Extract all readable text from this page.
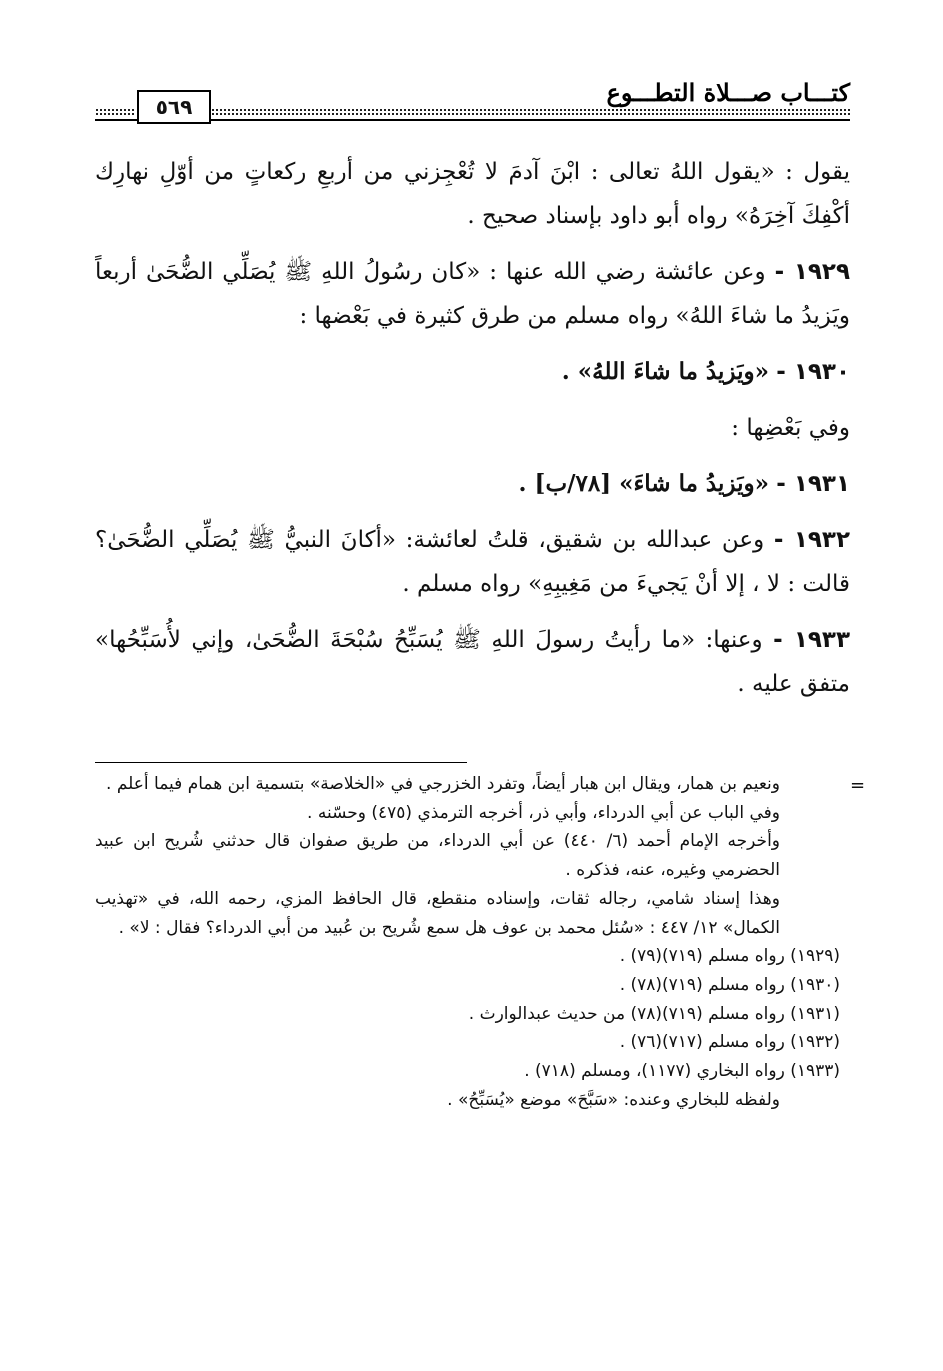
كتـــاب صـــلاة التطـــوع
٥٦٩

يقول : «يقول اللهُ تعالى : ابْنَ آدمَ لا تُعْجِزني من أربعِ ركعاتٍ من أوّلِ نهارِك أكْفِكَ آخِرَهُ» رواه أبو داود بإسناد صحيح .

١٩٢٩ - وعن عائشة رضي الله عنها : «كان رسُولُ اللهِ ﷺ يُصَلِّي الضُّحَىٰ أربعاً ويَزيدُ ما شاءَ اللهُ» رواه مسلم من طرق كثيرة في بَعْضها :

١٩٣٠ - «ويَزيدُ ما شاءَ اللهُ» .

وفي بَعْضِها :

١٩٣١ - «ويَزيدُ ما شاءَ» [٧٨/ب] .

١٩٣٢ - وعن عبدالله بن شقيق، قلتُ لعائشة: «أكانَ النبيُّ ﷺ يُصَلِّي الضُّحَىٰ؟ قالت : لا ، إلا أنْ يَجيءَ من مَغِيبِهِ» رواه مسلم .

١٩٣٣ - وعنها: «ما رأيتُ رسولَ اللهِ ﷺ يُسَبِّحُ سُبْحَةَ الضُّحَىٰ، وإني لأُسَبِّحُها» متفق عليه .

=

ونعيم بن همار، ويقال ابن هبار أيضاً، وتفرد الخزرجي في «الخلاصة» بتسمية ابن همام فيما أعلم .

وفي الباب عن أبي الدرداء، وأبي ذر، أخرجه الترمذي (٤٧٥) وحسّنه .

وأخرجه الإمام أحمد (٦/ ٤٤٠) عن أبي الدرداء، من طريق صفوان قال حدثني شُريح ابن عبيد الحضرمي وغيره، عنه، فذكره .

وهذا إسناد شامي، رجاله ثقات، وإسناده منقطع، قال الحافظ المزي، رحمه الله، في «تهذيب الكمال» ١٢/ ٤٤٧ : «سُئل محمد بن عوف هل سمع شُريح بن عُبيد من أبي الدرداء؟ فقال : لا» .

(١٩٢٩) رواه مسلم (٧١٩)(٧٩) .

(١٩٣٠) رواه مسلم (٧١٩)(٧٨) .

(١٩٣١) رواه مسلم (٧١٩)(٧٨) من حديث عبدالوارث .

(١٩٣٢) رواه مسلم (٧١٧)(٧٦) .

(١٩٣٣) رواه البخاري (١١٧٧)، ومسلم (٧١٨) .

ولفظه للبخاري وعنده: «سَبَّحَ» موضع «يُسَبِّحُ» .
